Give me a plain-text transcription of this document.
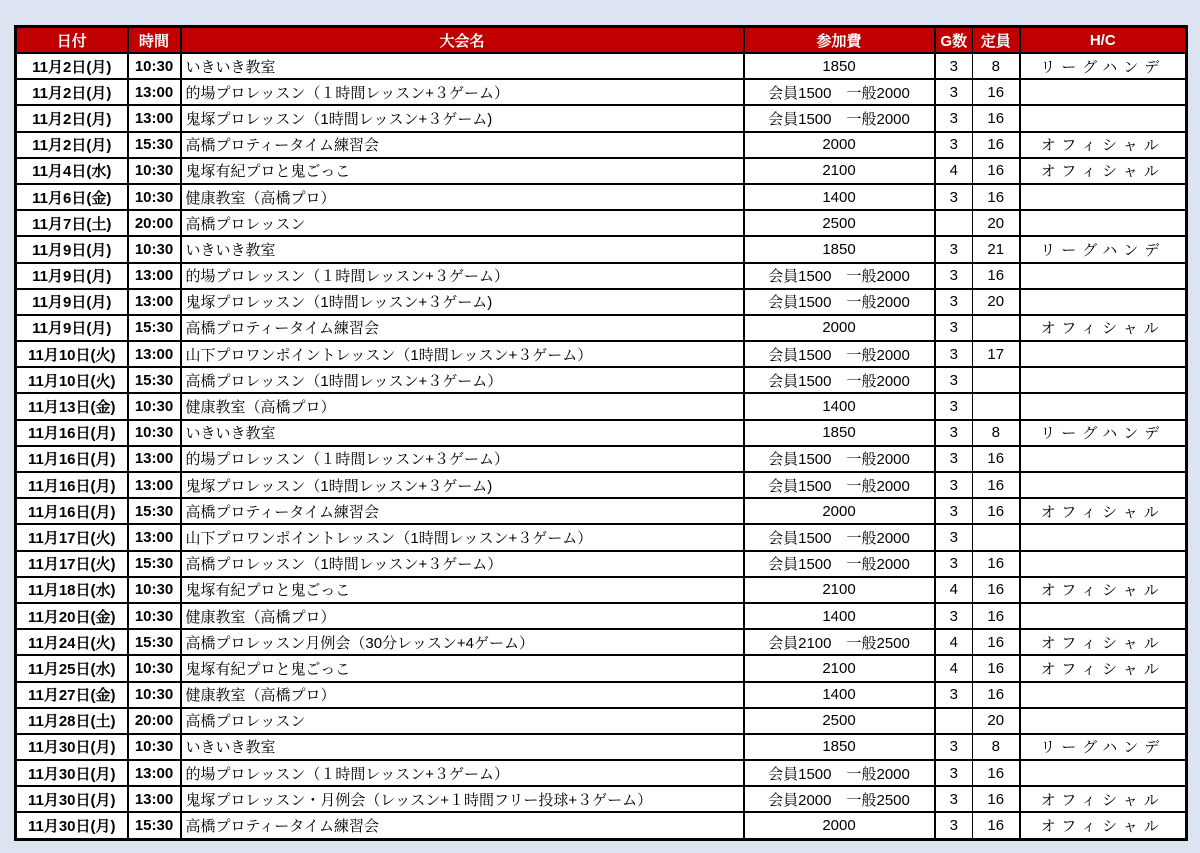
日付	時間	大会名	参加費	G数	定員	H/C
11月2日(月)	10:30	いきいき教室	1850	3	8	リーグハンデ
11月2日(月)	13:00	的場プロレッスン（１時間レッスン+３ゲーム）	会員1500　一般2000	3	16	
11月2日(月)	13:00	鬼塚プロレッスン（1時間レッスン+３ゲーム)	会員1500　一般2000	3	16	
11月2日(月)	15:30	高橋プロティータイム練習会	2000	3	16	オフィシャル
11月4日(水)	10:30	鬼塚有紀プロと鬼ごっこ	2100	4	16	オフィシャル
11月6日(金)	10:30	健康教室（高橋プロ）	1400	3	16	
11月7日(土)	20:00	高橋プロレッスン	2500		20	
11月9日(月)	10:30	いきいき教室	1850	3	21	リーグハンデ
11月9日(月)	13:00	的場プロレッスン（１時間レッスン+３ゲーム）	会員1500　一般2000	3	16	
11月9日(月)	13:00	鬼塚プロレッスン（1時間レッスン+３ゲーム)	会員1500　一般2000	3	20	
11月9日(月)	15:30	高橋プロティータイム練習会	2000	3		オフィシャル
11月10日(火)	13:00	山下プロワンポイントレッスン（1時間レッスン+３ゲーム）	会員1500　一般2000	3	17	
11月10日(火)	15:30	高橋プロレッスン（1時間レッスン+３ゲーム）	会員1500　一般2000	3		
11月13日(金)	10:30	健康教室（高橋プロ）	1400	3		
11月16日(月)	10:30	いきいき教室	1850	3	8	リーグハンデ
11月16日(月)	13:00	的場プロレッスン（１時間レッスン+３ゲーム）	会員1500　一般2000	3	16	
11月16日(月)	13:00	鬼塚プロレッスン（1時間レッスン+３ゲーム)	会員1500　一般2000	3	16	
11月16日(月)	15:30	高橋プロティータイム練習会	2000	3	16	オフィシャル
11月17日(火)	13:00	山下プロワンポイントレッスン（1時間レッスン+３ゲーム）	会員1500　一般2000	3		
11月17日(火)	15:30	高橋プロレッスン（1時間レッスン+３ゲーム）	会員1500　一般2000	3	16	
11月18日(水)	10:30	鬼塚有紀プロと鬼ごっこ	2100	4	16	オフィシャル
11月20日(金)	10:30	健康教室（高橋プロ）	1400	3	16	
11月24日(火)	15:30	高橋プロレッスン月例会（30分レッスン+4ゲーム）	会員2100　一般2500	4	16	オフィシャル
11月25日(水)	10:30	鬼塚有紀プロと鬼ごっこ	2100	4	16	オフィシャル
11月27日(金)	10:30	健康教室（高橋プロ）	1400	3	16	
11月28日(土)	20:00	高橋プロレッスン	2500		20	
11月30日(月)	10:30	いきいき教室	1850	3	8	リーグハンデ
11月30日(月)	13:00	的場プロレッスン（１時間レッスン+３ゲーム）	会員1500　一般2000	3	16	
11月30日(月)	13:00	鬼塚プロレッスン・月例会（レッスン+１時間フリー投球+３ゲーム）	会員2000　一般2500	3	16	オフィシャル
11月30日(月)	15:30	高橋プロティータイム練習会	2000	3	16	オフィシャル
